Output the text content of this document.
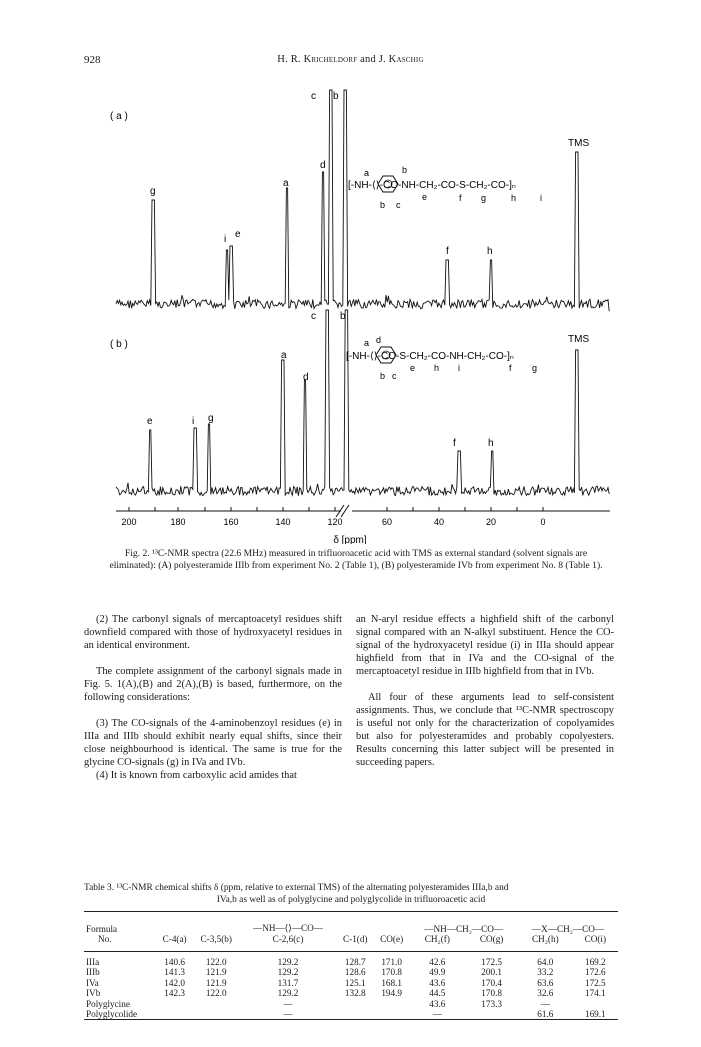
928	H. R. Kricheldorf and J. Kaschig
( a )
( b )
c b
d
a
g
i e
f	h
TMS
a	b
[-NH-⟨⟩-CO-NH-CH₂-CO-S-CH₂-CO-]ₙ
b c
e	f g	h	i
c b
a
d
e	i g
f	h
TMS
a d
[-NH-⟨⟩-CO-S-CH₂-CO-NH-CH₂-CO-]ₙ
b c
e h i	f g
200	180	160	140	120	60	40	20	0
δ [ppm]
Fig. 2. ¹³C-NMR spectra (22.6 MHz) measured in trifluoroacetic acid with TMS as external standard (solvent signals are eliminated): (A) polyesteramide IIIb from experiment No. 2 (Table 1), (B) polyesteramide IVb from experiment No. 8 (Table 1).

(2) The carbonyl signals of mercaptoacetyl residues shift downfield compared with those of hydroxyacetyl residues in an identical environment.

The complete assignment of the carbonyl signals made in Fig. 5. 1(A),(B) and 2(A),(B) is based, furthermore, on the following considerations:

(3) The CO-signals of the 4-aminobenzoyl residues (e) in IIIa and IIIb should exhibit nearly equal shifts, since their close neighbourhood is identical. The same is true for the glycine CO-signals (g) in IVa and IVb.

(4) It is known from carboxylic acid amides that

an N-aryl residue effects a highfield shift of the carbonyl signal compared with an N-alkyl substituent. Hence the CO-signal of the hydroxyacetyl residue (i) in IIIa should appear highfield from that in IVa and the CO-signal of the mercaptoacetyl residue in IIIb highfield from that in IVb.

All four of these arguments lead to self-consistent assignments. Thus, we conclude that ¹³C-NMR spectroscopy is useful not only for the characterization of copolyamides but also for polyesteramides and probably copolyesters. Results concerning this latter subject will be presented in succeeding papers.

Table 3. ¹³C-NMR chemical shifts δ (ppm, relative to external TMS) of the alternating polyesteramides IIIa,b and
IVa,b as well as of polyglycine and polyglycolide in trifluoroacetic acid
Formula			—NH—⟨⟩—CO—			—NH—CH₂—CO—		—X—CH₂—CO—	
No.	C-4(a)	C-3,5(b)	C-2,6(c)	C-1(d)	CO(e)	CH₂(f)	CO(g)	CH₂(h)	CO(i)
IIIa	140.6	122.0	129.2	128.7	171.0	42.6	172.5	64.0	169.2
IIIb	141.3	121.9	129.2	128.6	170.8	49.9	200.1	33.2	172.6
IVa	142.0	121.9	131.7	125.1	168.1	43.6	170.4	63.6	172.5
IVb	142.3	122.0	129.2	132.8	194.9	44.5	170.8	32.6	174.1
Polyglycine			—			43.6	173.3	—	
Polyglycolide			—			—		61.6	169.1
